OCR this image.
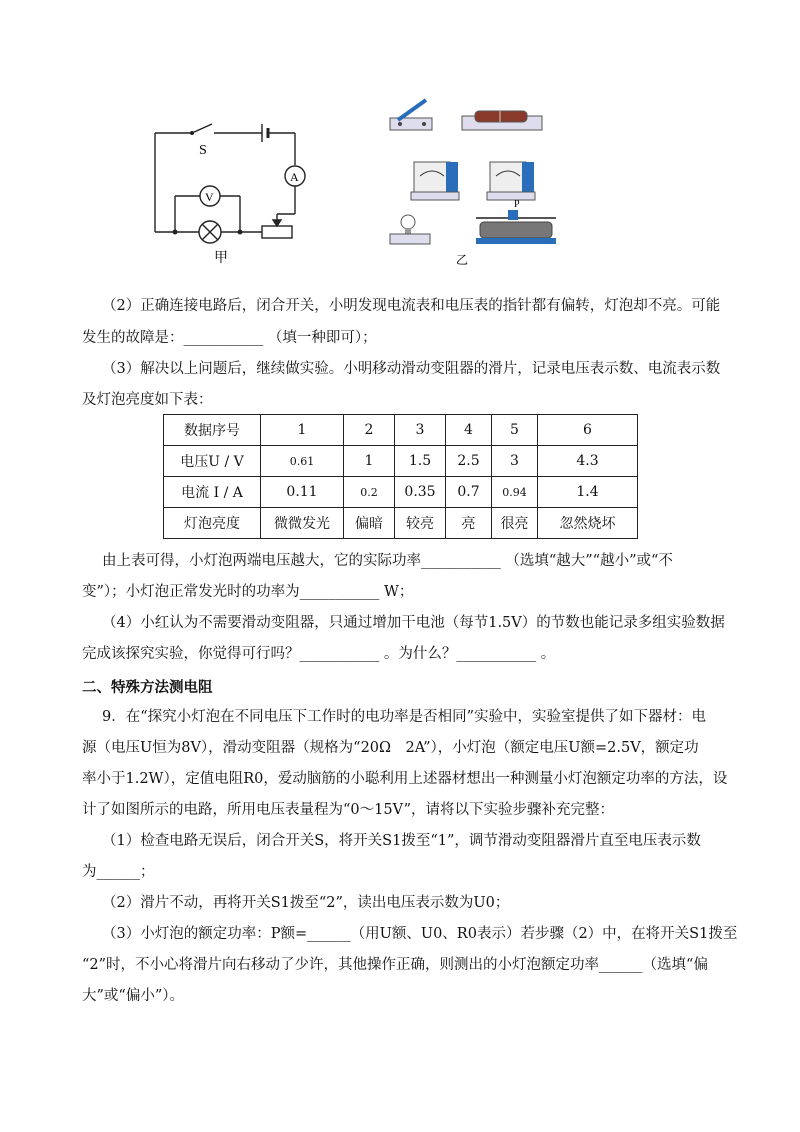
S
V
A
甲
P
乙
（2）正确连接电路后，闭合开关，小明发现电流表和电压表的指针都有偏转，灯泡却不亮。可能
发生的故障是：___________ （填一种即可）；
（3）解决以上问题后，继续做实验。小明移动滑动变阻器的滑片，记录电压表示数、电流表示数
及灯泡亮度如下表：
数据序号	1	2	3	4	5	6
电压U / V	0.61	1	1.5	2.5	3	4.3
电流 I / A	0.11	0.2	0.35	0.7	0.94	1.4
灯泡亮度	微微发光	偏暗	较亮	亮	很亮	忽然烧坏
由上表可得，小灯泡两端电压越大，它的实际功率___________ （选填“越大”“越小”或“不
变”）；小灯泡正常发光时的功率为___________ W；
（4）小红认为不需要滑动变阻器，只通过增加干电池（每节1.5V）的节数也能记录多组实验数据
完成该探究实验，你觉得可行吗？___________ 。为什么？___________ 。
二、特殊方法测电阻
9．在“探究小灯泡在不同电压下工作时的电功率是否相同”实验中，实验室提供了如下器材：电
源（电压U恒为8V），滑动变阻器（规格为“20Ω　2A”），小灯泡（额定电压U额=2.5V，额定功
率小于1.2W），定值电阻R0，爱动脑筋的小聪利用上述器材想出一种测量小灯泡额定功率的方法，设
计了如图所示的电路，所用电压表量程为“0～15V”，请将以下实验步骤补充完整：
（1）检查电路无误后，闭合开关S，将开关S1拨至“1”，调节滑动变阻器滑片直至电压表示数
为______；
（2）滑片不动，再将开关S1拨至“2”，读出电压表示数为U0；
（3）小灯泡的额定功率：P额=______（用U额、U0、R0表示）若步骤（2）中，在将开关S1拨至
“2”时，不小心将滑片向右移动了少许，其他操作正确，则测出的小灯泡额定功率______（选填“偏
大”或“偏小”）。
